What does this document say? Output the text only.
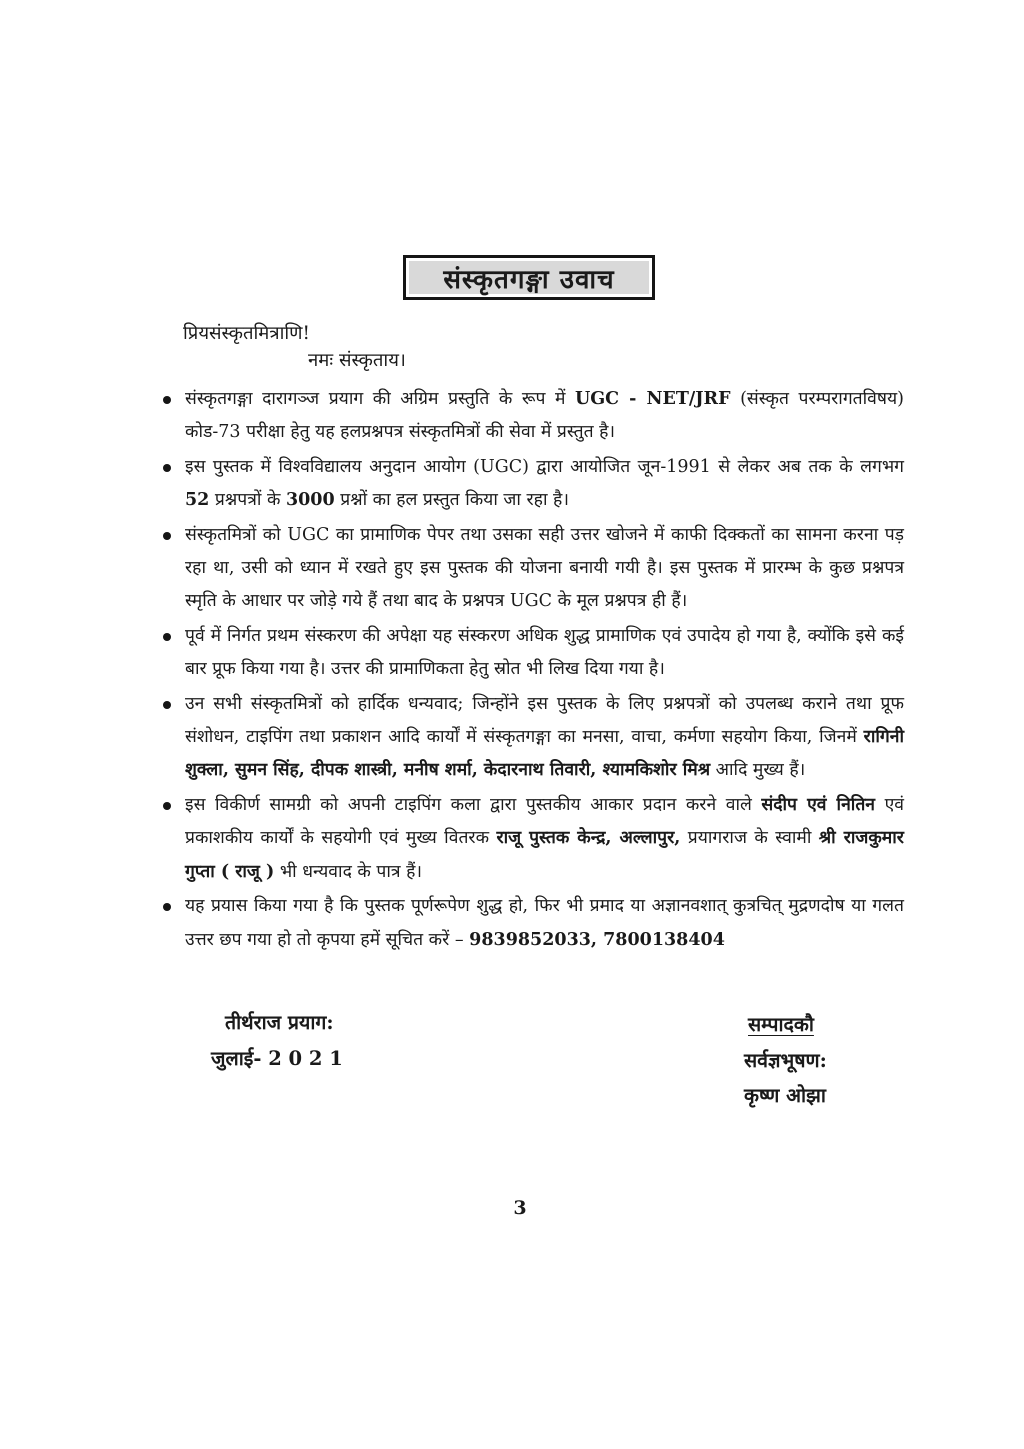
संस्कृतगङ्गा उवाच
प्रियसंस्कृतमित्राणि!
नमः संस्कृताय।
संस्कृतगङ्गा दारागञ्ज प्रयाग की अग्रिम प्रस्तुति के रूप में UGC - NET/JRF (संस्कृत परम्परागतविषय) कोड-73 परीक्षा हेतु यह हलप्रश्नपत्र संस्कृतमित्रों की सेवा में प्रस्तुत है।
इस पुस्तक में विश्वविद्यालय अनुदान आयोग (UGC) द्वारा आयोजित जून-1991 से लेकर अब तक के लगभग 52 प्रश्नपत्रों के 3000 प्रश्नों का हल प्रस्तुत किया जा रहा है।
संस्कृतमित्रों को UGC का प्रामाणिक पेपर तथा उसका सही उत्तर खोजने में काफी दिक्कतों का सामना करना पड़ रहा था, उसी को ध्यान में रखते हुए इस पुस्तक की योजना बनायी गयी है। इस पुस्तक में प्रारम्भ के कुछ प्रश्नपत्र स्मृति के आधार पर जोड़े गये हैं तथा बाद के प्रश्नपत्र UGC के मूल प्रश्नपत्र ही हैं।
पूर्व में निर्गत प्रथम संस्करण की अपेक्षा यह संस्करण अधिक शुद्ध प्रामाणिक एवं उपादेय हो गया है, क्योंकि इसे कई बार प्रूफ किया गया है। उत्तर की प्रामाणिकता हेतु स्रोत भी लिख दिया गया है।
उन सभी संस्कृतमित्रों को हार्दिक धन्यवाद; जिन्होंने इस पुस्तक के लिए प्रश्नपत्रों को उपलब्ध कराने तथा प्रूफ संशोधन, टाइपिंग तथा प्रकाशन आदि कार्यों में संस्कृतगङ्गा का मनसा, वाचा, कर्मणा सहयोग किया, जिनमें रागिनी शुक्ला, सुमन सिंह, दीपक शास्त्री, मनीष शर्मा, केदारनाथ तिवारी, श्यामकिशोर मिश्र आदि मुख्य हैं।
इस विकीर्ण सामग्री को अपनी टाइपिंग कला द्वारा पुस्तकीय आकार प्रदान करने वाले संदीप एवं नितिन एवं प्रकाशकीय कार्यों के सहयोगी एवं मुख्य वितरक राजू पुस्तक केन्द्र, अल्लापुर, प्रयागराज के स्वामी श्री राजकुमार गुप्ता ( राजू ) भी धन्यवाद के पात्र हैं।
यह प्रयास किया गया है कि पुस्तक पूर्णरूपेण शुद्ध हो, फिर भी प्रमाद या अज्ञानवशात् कुत्रचित् मुद्रणदोष या गलत उत्तर छप गया हो तो कृपया हमें सूचित करें – 9839852033, 7800138404
तीर्थराज प्रयाग:
जुलाई- 2 0 2 1
सम्पादकौ
सर्वज्ञभूषण:
कृष्ण ओझा
3
